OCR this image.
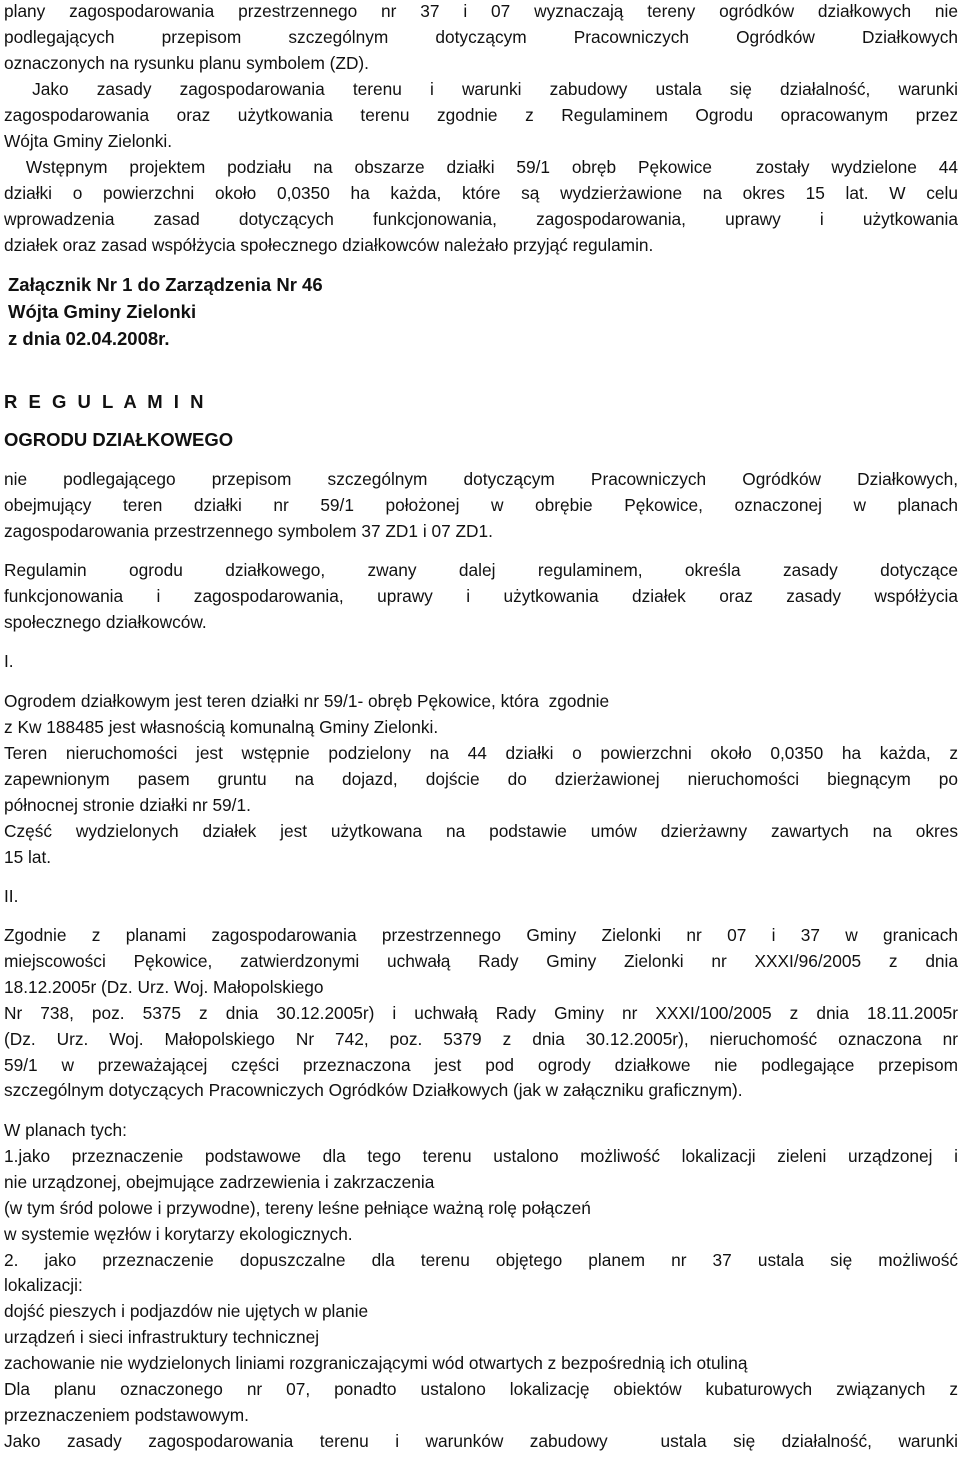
plany zagospodarowania przestrzennego nr 37 i 07 wyznaczają tereny ogródków działkowych nie
podlegających przepisom szczególnym dotyczącym Pracowniczych Ogródków Działkowych
oznaczonych na rysunku planu symbolem (ZD).
Jako zasady zagospodarowania terenu i warunki zabudowy ustala się działalność, warunki
zagospodarowania oraz użytkowania terenu zgodnie z Regulaminem Ogrodu opracowanym przez
Wójta Gminy Zielonki.
Wstępnym projektem podziału na obszarze działki 59/1 obręb Pękowice  zostały wydzielone 44
działki o powierzchni około 0,0350 ha każda, które są wydzierżawione na okres 15 lat. W celu
wprowadzenia zasad dotyczących funkcjonowania, zagospodarowania, uprawy i użytkowania
działek oraz zasad współżycia społecznego działkowców należało przyjąć regulamin.
Załącznik Nr 1 do Zarządzenia Nr 46
Wójta Gminy Zielonki
z dnia 02.04.2008r.
R E G U L A M I N
OGRODU DZIAŁKOWEGO
nie podlegającego przepisom szczególnym dotyczącym Pracowniczych Ogródków Działkowych,
obejmujący teren działki nr 59/1 położonej w obrębie Pękowice, oznaczonej w planach
zagospodarowania przestrzennego symbolem 37 ZD1 i 07 ZD1.
Regulamin ogrodu działkowego, zwany dalej regulaminem, określa zasady dotyczące
funkcjonowania i zagospodarowania, uprawy i użytkowania działek oraz zasady współżycia
społecznego działkowców.
I.
Ogrodem działkowym jest teren działki nr 59/1- obręb Pękowice, która  zgodnie
z Kw 188485 jest własnością komunalną Gminy Zielonki.
Teren nieruchomości jest wstępnie podzielony na 44 działki o powierzchni około 0,0350 ha każda, z
zapewnionym pasem gruntu na dojazd, dojście do dzierżawionej nieruchomości biegnącym po
północnej stronie działki nr 59/1.
Część wydzielonych działek jest użytkowana na podstawie umów dzierżawny zawartych na okres
15 lat.
II.
Zgodnie z planami zagospodarowania przestrzennego Gminy Zielonki nr 07 i 37 w granicach
miejscowości Pękowice, zatwierdzonymi uchwałą Rady Gminy Zielonki nr XXXI/96/2005 z dnia
18.12.2005r (Dz. Urz. Woj. Małopolskiego
Nr 738, poz. 5375 z dnia 30.12.2005r) i uchwałą Rady Gminy nr XXXI/100/2005 z dnia 18.11.2005r
(Dz. Urz. Woj. Małopolskiego Nr 742, poz. 5379 z dnia 30.12.2005r), nieruchomość oznaczona nr
59/1 w przeważającej części przeznaczona jest pod ogrody działkowe nie podlegające przepisom
szczególnym dotyczących Pracowniczych Ogródków Działkowych (jak w załączniku graficznym).
W planach tych:
1.jako przeznaczenie podstawowe dla tego terenu ustalono możliwość lokalizacji zieleni urządzonej i
nie urządzonej, obejmujące zadrzewienia i zakrzaczenia
(w tym śród polowe i przywodne), tereny leśne pełniące ważną rolę połączeń
w systemie węzłów i korytarzy ekologicznych.
2. jako przeznaczenie dopuszczalne dla terenu objętego planem nr 37 ustala się możliwość
lokalizacji:
dojść pieszych i podjazdów nie ujętych w planie
urządzeń i sieci infrastruktury technicznej
zachowanie nie wydzielonych liniami rozgraniczającymi wód otwartych z bezpośrednią ich otuliną
Dla planu oznaczonego nr 07, ponadto ustalono lokalizację obiektów kubaturowych związanych z
przeznaczeniem podstawowym.
Jako zasady zagospodarowania terenu i warunków zabudowy  ustala się działalność, warunki
